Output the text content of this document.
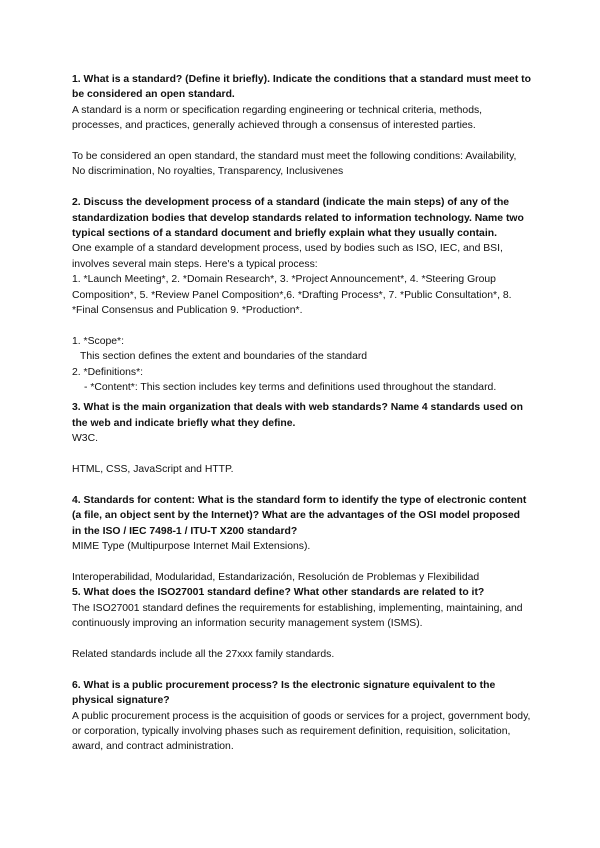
1. What is a standard? (Define it briefly). Indicate the conditions that a standard must meet to be considered an open standard.

A standard is a norm or specification regarding engineering or technical criteria, methods, processes, and practices, generally achieved through a consensus of interested parties.

To be considered an open standard, the standard must meet the following conditions: Availability, No discrimination, No royalties, Transparency, Inclusivenes

2. Discuss the development process of a standard (indicate the main steps) of any of the standardization bodies that develop standards related to information technology. Name two typical sections of a standard document and briefly explain what they usually contain.

One example of a standard development process, used by bodies such as ISO, IEC, and BSI, involves several main steps. Here's a typical process:

1. *Launch Meeting*, 2. *Domain Research*, 3. *Project Announcement*, 4. *Steering Group Composition*, 5. *Review Panel Composition*,6. *Drafting Process*, 7. *Public Consultation*, 8. *Final Consensus and Publication 9. *Production*.

1. *Scope*:

This section defines the extent and boundaries of the standard

2. *Definitions*:

- *Content*: This section includes key terms and definitions used throughout the standard.

3. What is the main organization that deals with web standards? Name 4 standards used on the web and indicate briefly what they define.

W3C.

HTML, CSS, JavaScript and HTTP.

4. Standards for content: What is the standard form to identify the type of electronic content (a file, an object sent by the Internet)? What are the advantages of the OSI model proposed in the ISO / IEC 7498-1 / ITU-T X200 standard?

MIME Type (Multipurpose Internet Mail Extensions).

Interoperabilidad, Modularidad, Estandarización, Resolución de Problemas y Flexibilidad

5. What does the ISO27001 standard define? What other standards are related to it?

The ISO27001 standard defines the requirements for establishing, implementing, maintaining, and continuously improving an information security management system (ISMS).

Related standards include all the 27xxx family standards.

6. What is a public procurement process? Is the electronic signature equivalent to the physical signature?

A public procurement process is the acquisition of goods or services for a project, government body, or corporation, typically involving phases such as requirement definition, requisition, solicitation, award, and contract administration.
